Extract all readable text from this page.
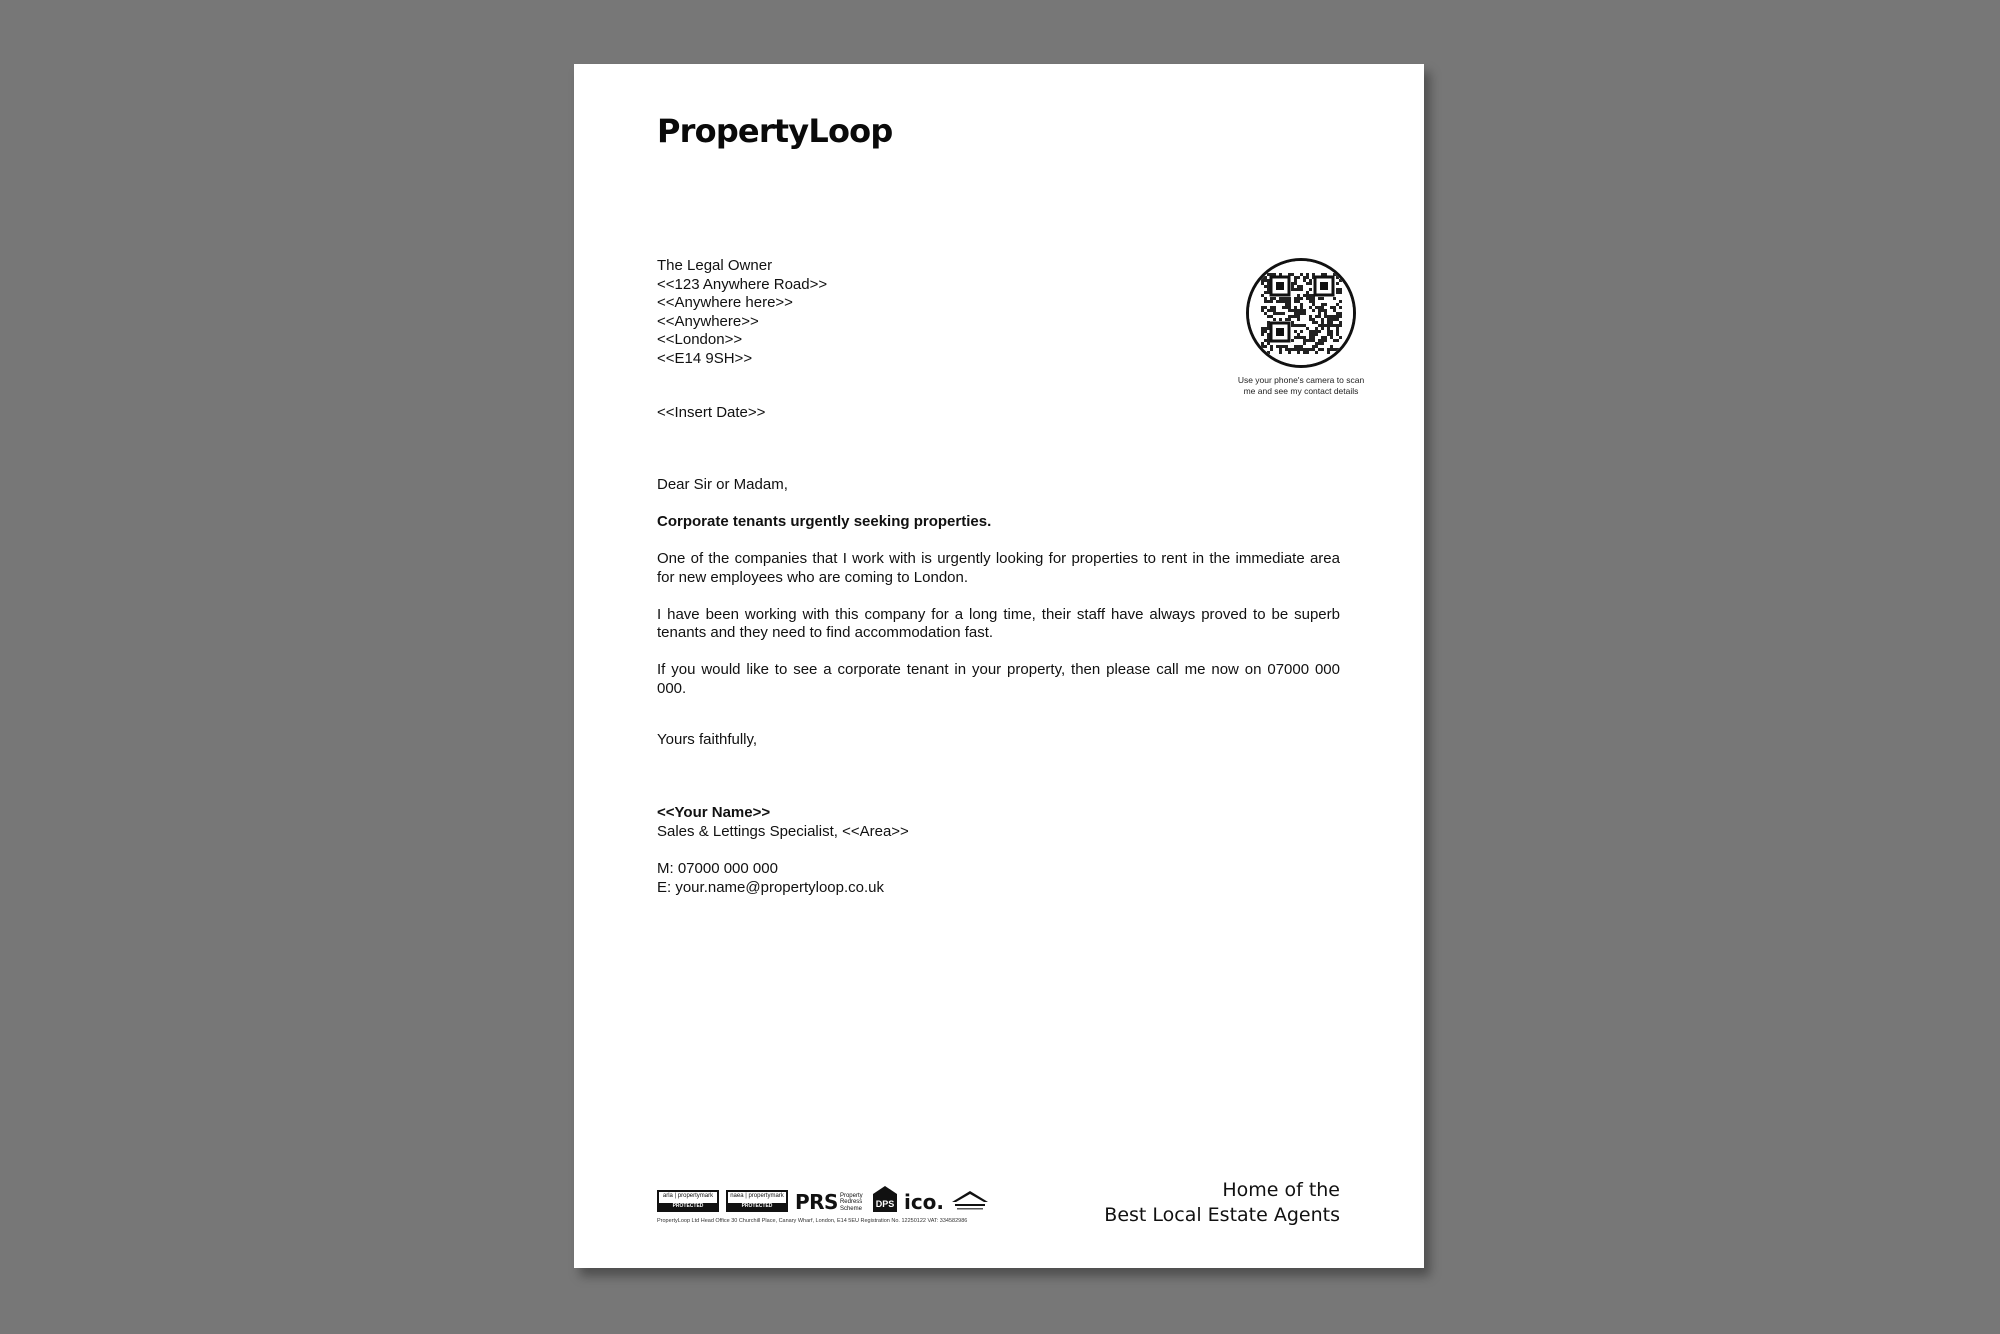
PropertyLoop
The Legal Owner
<<123 Anywhere Road>>
<<Anywhere here>>
<<Anywhere>>
<<London>>
<<E14 9SH>>
Use your phone's camera to scan me and see my contact details
<<Insert Date>>

Dear Sir or Madam,

Corporate tenants urgently seeking properties.

One of the companies that I work with is urgently looking for properties to rent in the immediate area for new employees who are coming to London.

I have been working with this company for a long time, their staff have always proved to be superb tenants and they need to find accommodation fast.

If you would like to see a corporate tenant in your property, then please call me now on 07000 000 000.

Yours faithfully,
<<Your Name>>
Sales & Lettings Specialist, <<Area>>
M: 07000 000 000
E: your.name@propertyloop.co.uk
arla | propertymark
PROTECTED
naea | propertymark
PROTECTED	PRS Property Redress Scheme	DPS ico.
PropertyLoop Ltd Head Office 30 Churchill Place, Canary Wharf, London, E14 5EU Registration No. 12250122 VAT: 334582986
Home of the
Best Local Estate Agents
